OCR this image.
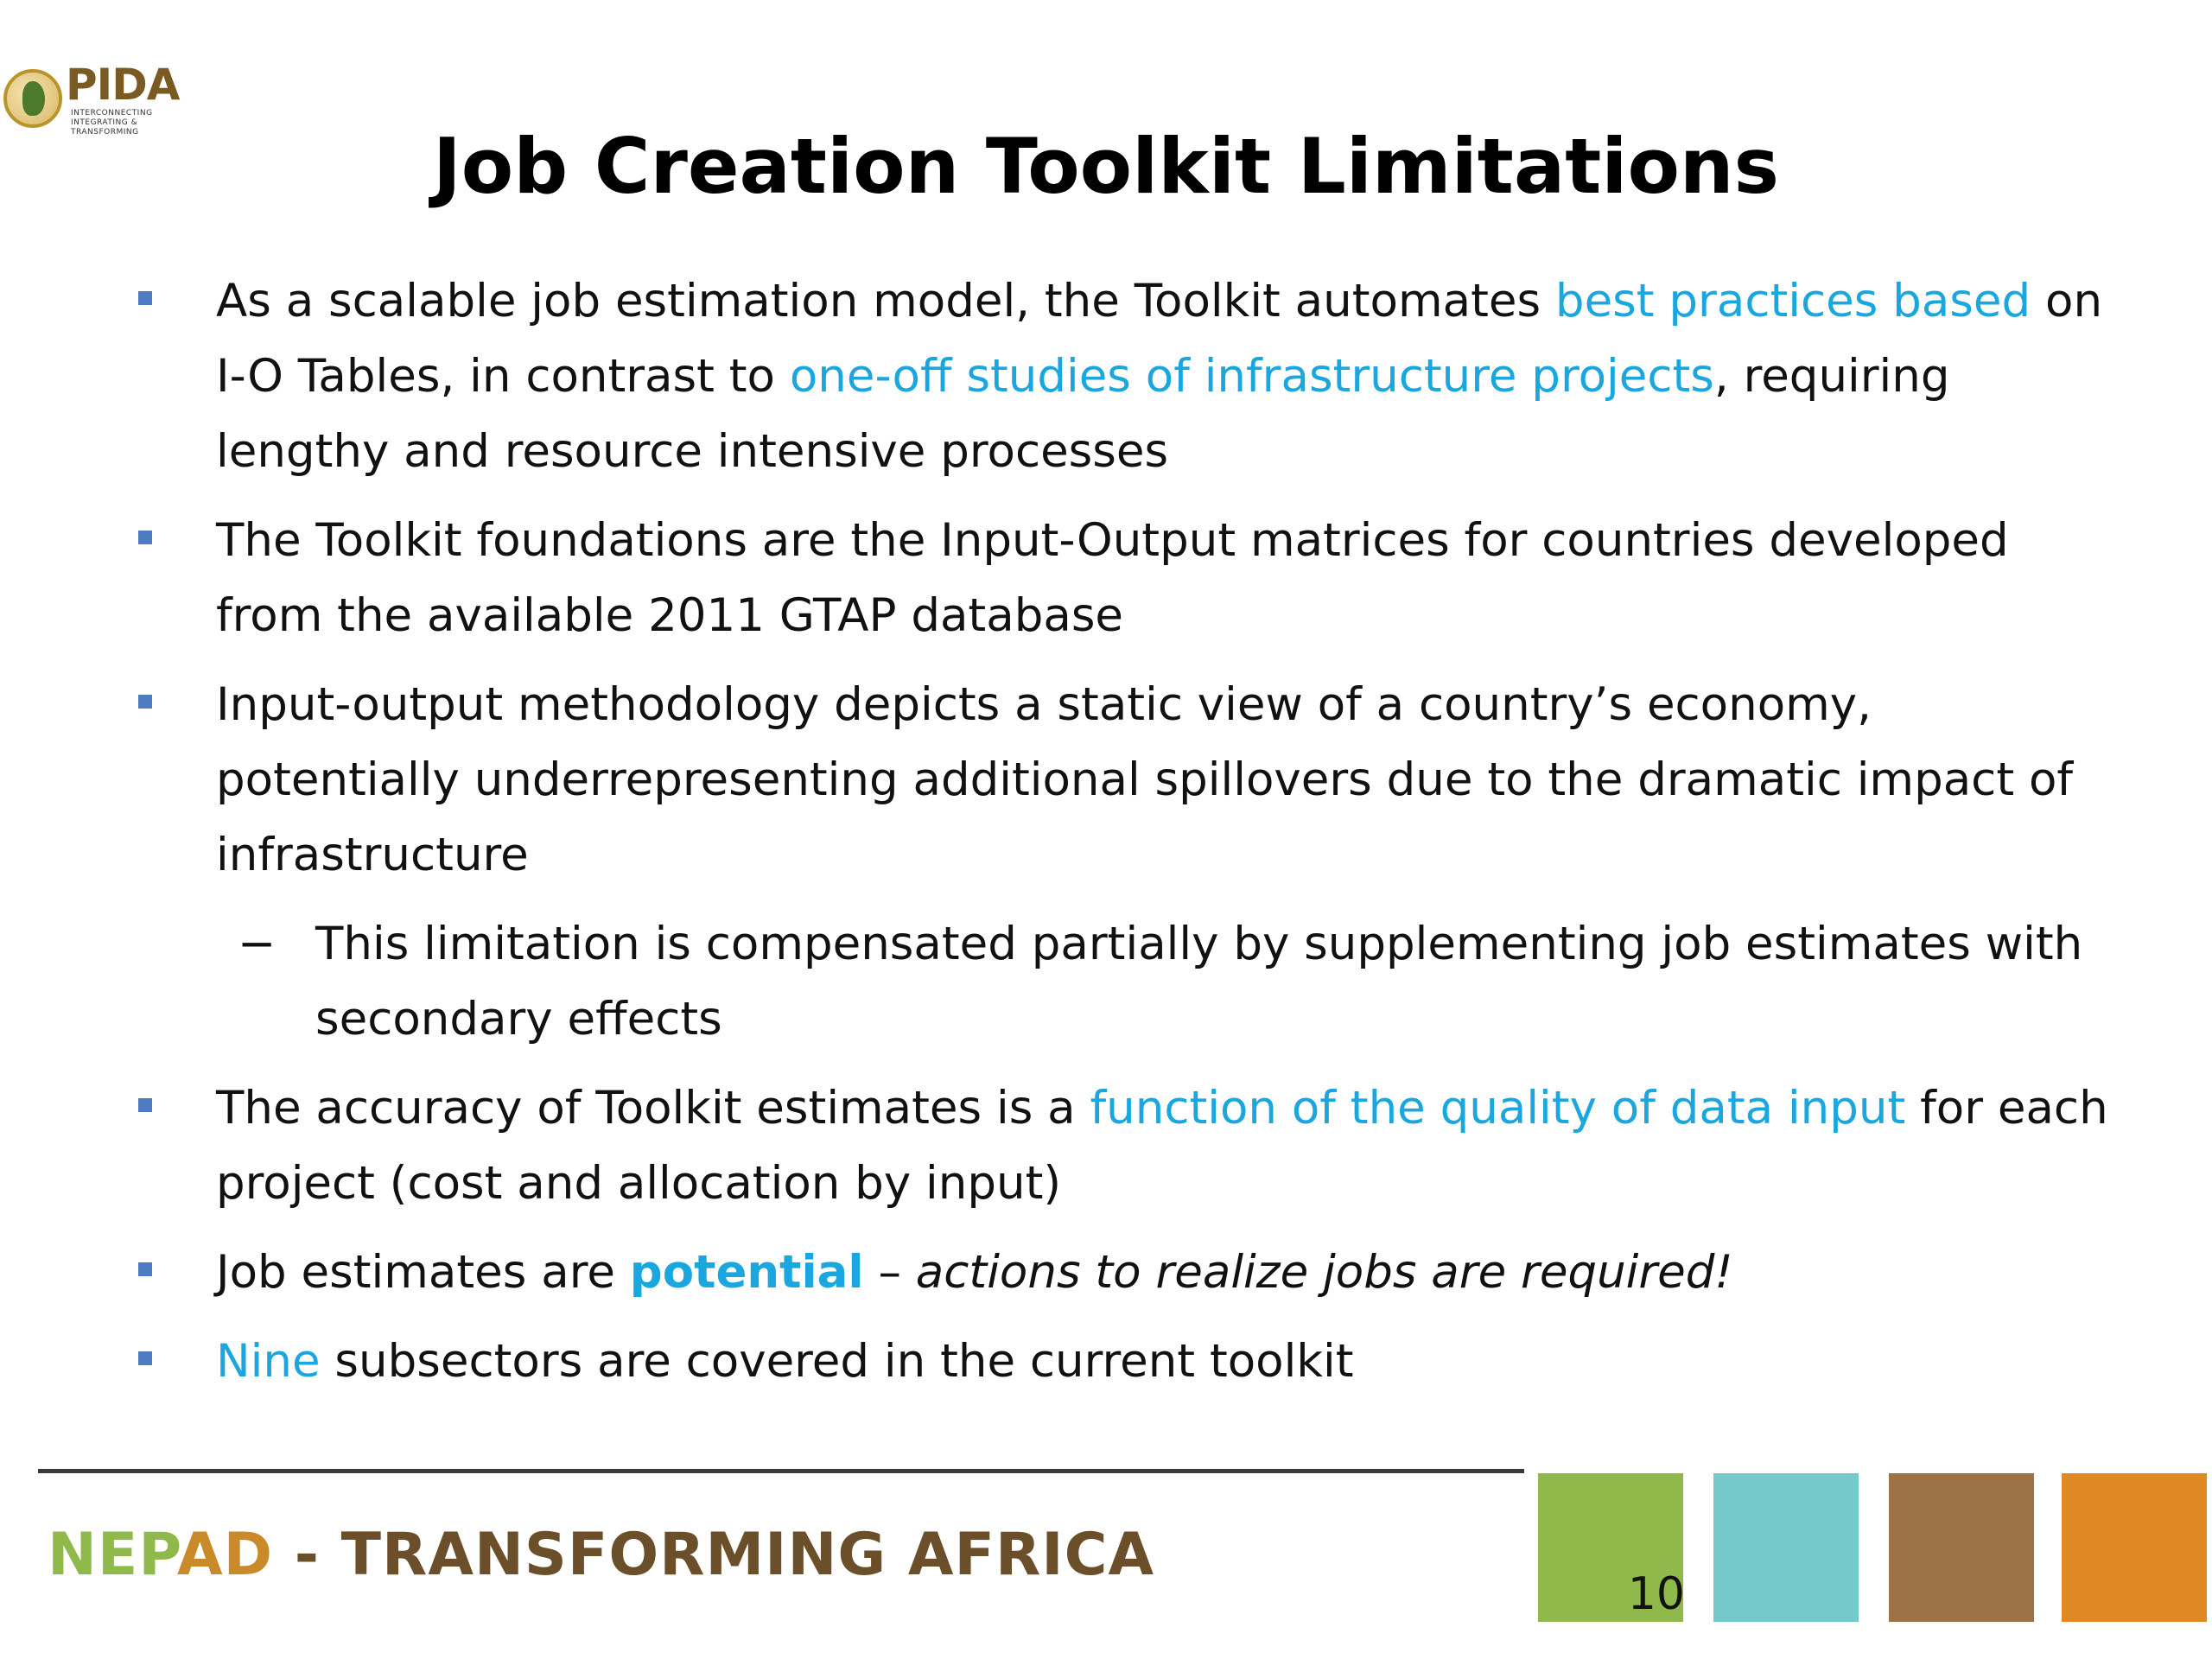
PIDA
INTERCONNECTING
INTEGRATING & TRANSFORMING	Job Creation Toolkit Limitations
As a scalable job estimation model, the Toolkit automates best practices based on I-O Tables, in contrast to one-off studies of infrastructure projects, requiring lengthy and resource intensive processes
The Toolkit foundations are the Input-Output matrices for countries developed from the available 2011 GTAP database
Input-output methodology depicts a static view of a country’s economy, potentially underrepresenting additional spillovers due to the dramatic impact of infrastructure
− This limitation is compensated partially by supplementing job estimates with secondary effects
The accuracy of Toolkit estimates is a function of the quality of data input for each project (cost and allocation by input)
Job estimates are potential – actions to realize jobs are required!
Nine subsectors are covered in the current toolkit
NEPAD - TRANSFORMING AFRICA
10
